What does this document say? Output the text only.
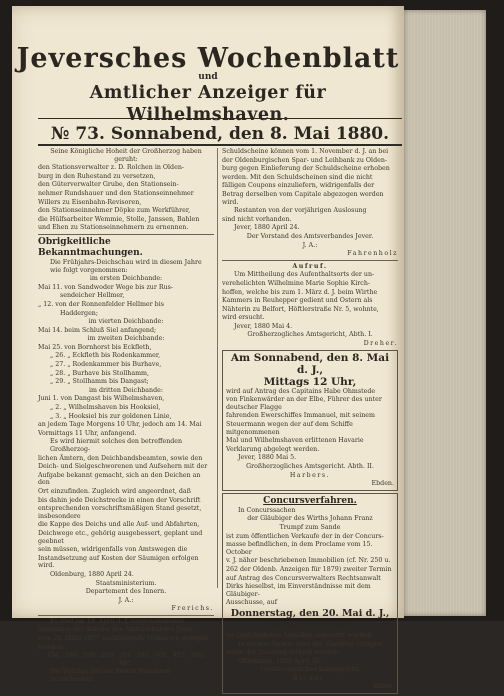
Jeversches Wochenblatt
und
Amtlicher Anzeiger für Wilhelmshaven.
№ 73. Sonnabend, den 8. Mai 1880.

Seine Königliche Hoheit der Großherzog haben geruht:

den Stationsverwalter z. D. Rolchen in Olden-

burg in den Ruhestand zu versetzen,

den Güterverwalter Grube, den Stationsein-

nehmer Rundshauer und den Stationseinnehmer

Willers zu Eisenbahn-Revisoren,

den Stationseinnehmer Döpke zum Werkführer,

die Hülfsarbeiter Wemmie, Stolle, Janssen, Bahlen

und Ehen zu Stationseinnehmern zu ernennen.

Obrigkeitliche Bekanntmachungen.

Die Frühjahrs-Deichschau wird in diesem Jahre wie folgt vorgenommen:

im ersten Deichbande:

Mai 11. von Sandwoder Wege bis zur Rus-

sendeicher Hellmer,

„ 12. von der Ronnenfelder Hellmer bis

Haddergen;

im vierten Deichbande:

Mai 14. beim Schluß Siel anfangend;

im zweiten Deichbande:

Mai 25. von Bornhorst bis Eckfleth,

„ 26. „ Eckfleth bis Rodenkammer,

„ 27. „ Rodenkammer bis Burhave,

„ 28. „ Burhave bis Stollhamm,

„ 29. „ Stollhamm bis Dangast;

im dritten Deichbande:

Juni 1. von Dangast bis Wilhelmshaven,

„ 2. „ Wilhelmshaven bis Hooksiel,

„ 3. „ Hooksiel bis zur goldenen Linie,

an jedem Tage Morgens 10 Uhr, jedoch am 14. Mai

Vormittags 11 Uhr, anfangend.

Es wird hiermit solches den betreffenden Großherzog-

lichen Ämtern, den Deichbandsbeamten, sowie den

Deich- und Sielgeschworenen und Aufsehern mit der

Aufgabe bekannt gemacht, sich an den Deichen an den

Ort einzufinden. Zugleich wird angeordnet, daß

bis dahin jede Deichstrecke in einen der Vorschrift

entsprechenden vorschriftsmäßigen Stand gesetzt, insbesondere

die Kappe des Deichs und alle Auf- und Abfahrten,

Deichwege etc., gehörig ausgebessert, geplant und geebnet

sein müssen, widrigenfalls von Amtswegen die

Instandsetzung auf Kosten der Säumigen erfolgen wird.

Oldenburg, 1880 April 24.

Staatsministerium.

Departement des Innern.

J. A.:

Frerichs.

Es sind am 19. April d. J. vorgenommenen

Auslosung der Anleihe des Amtsverbandes Jever

vom 28. März 1877 nachfolgende Nummern gezogen

worden:

154, 180, 199, 210, 301, 346, 401, 457, 469, 481.

Die Beträge der mit diesen Nummern bezeichneten

Schuldscheine können vom 1. November d. J. an bei

der Oldenburgischen Spar- und Leihbank zu Olden-

burg gegen Einlieferung der Schuldscheine erhoben

werden. Mit den Schuldscheinen sind die nicht

fälligen Coupons einzuliefern, widrigenfalls der

Betrag derselben vom Capitale abgezogen werden wird.

Restanten von der vorjährigen Auslosung

sind nicht vorhanden.

Jever, 1880 April 24.

Der Vorstand des Amtsverbandes Jever.

J. A.:

Fahrenholz

Aufruf.

Um Mittheilung des Aufenthaltsorts der un-

verehelichten Wilhelmine Marie Sophie Kirch-

hoffen, welche bis zum 1. März d. J. beim Wirthe

Kammers in Reuhepper gedient und Ostern als

Nähterin zu Belfort, Höftlerstraße Nr. 5, wohnte,

wird ersucht.

Jever, 1880 Mai 4.

Großherzogliches Amtsgericht, Abth. I.

Dreher.

Am Sonnabend, den 8. Mai d. J.,
Mittags 12 Uhr,

wird auf Antrag des Capitains Habe Ohmstede

von Finkenwärder an der Elbe, Führer des unter deutscher Flagge

fahrenden Ewerschiffes Immanuel, mit seinem

Steuermann wegen der auf dem Schiffe mitgenommenen

Mal und Wilhelmshaven erlittenen Havarie

Verklarung abgelegt werden.

Jever, 1880 Mai 5.

Großherzogliches Amtsgericht. Abth. II.

Harbers.

Ebden.

Concursverfahren.

In Concurssachen

der Gläubiger des Wirths Johann Franz

Trumpf zum Sande

ist zum öffentlichen Verkaufe der in der Concurs-

masse befindlichen, in dem Proclame vom 15. October

v. J. näher beschriebenen Immobilien (cf. Nr. 250 u.

262 der Oldenb. Anzeigen für 1879) zweiter Termin

auf Antrag des Concursverwalters Rechtsanwalt

Dirks hieselbst, im Einverständnisse mit dem Gläubiger-

Ausschusse, auf

Donnerstag, den 20. Mai d. J.,
Mittags 12 Uhr,

im Gerichtshause hieselbst angesetzt worden.

In diesem Termin wird der Zuschlag erfolgen,

wenn der Zuschlag ertheilt werden.

Oldenburg, 1880 April 30.

Großherzogliches Landgericht.

Becker.

Ellers.
